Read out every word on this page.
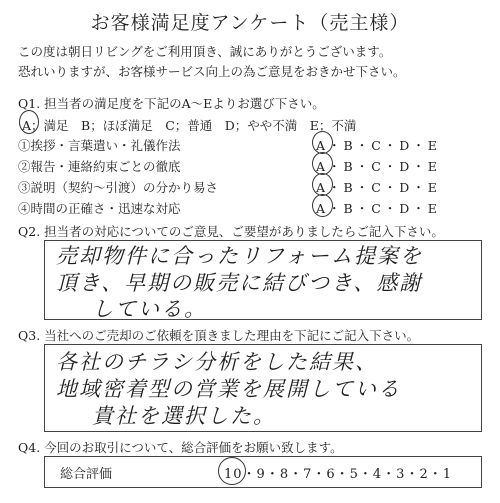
お客様満足度アンケート（売主様）
この度は朝日リビングをご利用頂き、誠にありがとうございます。
恐れいりますが、お客様サービス向上の為ご意見をおきかせ下さい。
Q1. 担当者の満足度を下記のA～Eよりお選び下さい。
A；満足　B；ほぼ満足　C；普通　D；やや不満　E；不満
①挨拶・言葉遣い・礼儀作法	A・B・C・D・E
②報告・連絡約束ごとの徹底	A・B・C・D・E
③説明（契約～引渡）の分かり易さ	A・B・C・D・E
④時間の正確さ・迅速な対応	A・B・C・D・E
Q2. 担当者の対応についてのご意見、ご要望がありましたらご記入下さい。
売却物件に合ったリフォーム提案を
頂き、早期の販売に結びつき、感謝
している。
Q3. 当社へのご売却のご依頼を頂きました理由を下記にご記入下さい。
各社のチラシ分析をした結果、
地域密着型の営業を展開している
貴社を選択した。
Q4. 今回のお取引について、総合評価をお願い致します。
総合評価	10・9・8・7・6・5・4・3・2・1
